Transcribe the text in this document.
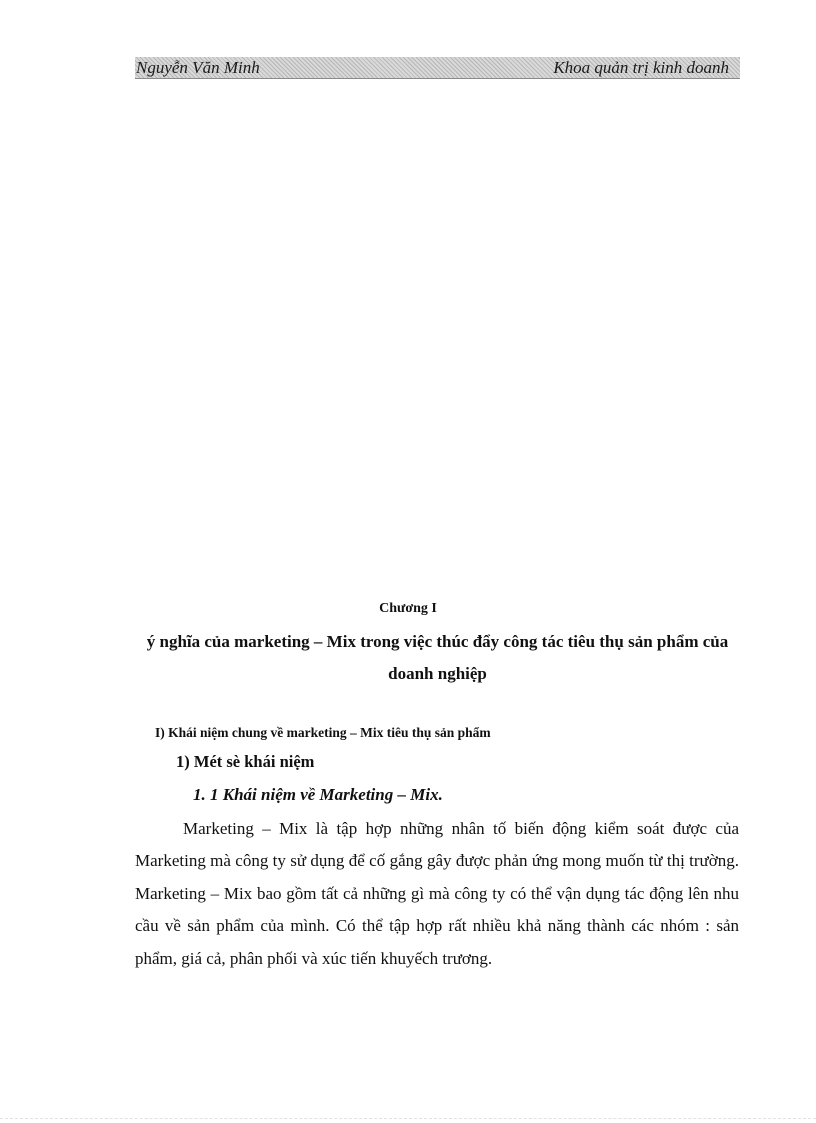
Nguyễn Văn Minh	Khoa quản trị kinh doanh
Chương I
ý nghĩa của marketing – Mix trong việc thúc đẩy công tác tiêu thụ sản phẩm của doanh nghiệp
I) Khái niệm chung về marketing – Mix tiêu thụ sản phẩm
1) Mét sè khái niệm
1. 1 Khái niệm về Marketing – Mix.

Marketing – Mix là tập hợp những nhân tố biến động kiểm soát được của Marketing mà công ty sử dụng để cố gắng gây được phản ứng mong muốn từ thị trường. Marketing – Mix bao gồm tất cả những gì mà công ty có thể vận dụng tác động lên nhu cầu về sản phẩm của mình. Có thể tập hợp rất nhiều khả năng thành các nhóm : sản phẩm, giá cả, phân phối và xúc tiến khuyếch trương.
